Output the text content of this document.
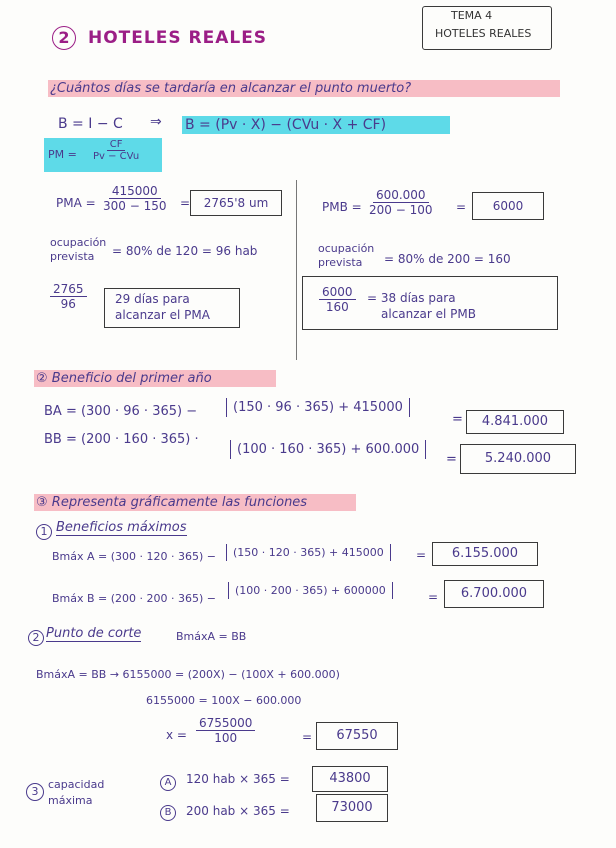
2	HOTELES REALES
TEMA 4
HOTELES REALES
¿Cuántos días se tardaría en alcanzar el punto muerto?
B = I − C ⇒ B = (Pv · X) − (CVu · X + CF)
PM =
CF
Pv − CVu
PMA = $\frac{415000}{300 - 150}$ =	2765'8 um
ocupación
prevista = 80% de 120 = 96 hab
$\frac{2765}{96} 29$ días para
alcanzar el PMA
PMB = $\frac{600.000}{200 - 100}$ =	6000
ocupación
prevista = 80% de 200 = 160
$\frac{6000}{160} = 38$ días para
alcanzar el PMB
② Beneficio del primer año
BA = (300 · 96 · 365) −	(150 · 96 · 365) + 415000
=	4.841.000
BB = (200 · 160 · 365) ·
(100 · 160 · 365) + 600.000
=	5.240.000
③ Representa gráficamente las funciones
1 Beneficios máximos
Bmáx A = (300 · 120 · 365) −	(150 · 120 · 365) + 415000	=	6.155.000
Bmáx B = (200 · 200 · 365) −
(100 · 200 · 365) + 600000	=	6.700.000
2 Punto de corte	BmáxA = BB
BmáxA = BB → 6155000 = (200X) − (100X + 600.000)
6155000 = 100X − 600.000
$x = \frac{6755000}{100}$	=	67550
3
capacidad
máxima
A	120 hab × 365 =	43800
B	200 hab × 365 =	73000
